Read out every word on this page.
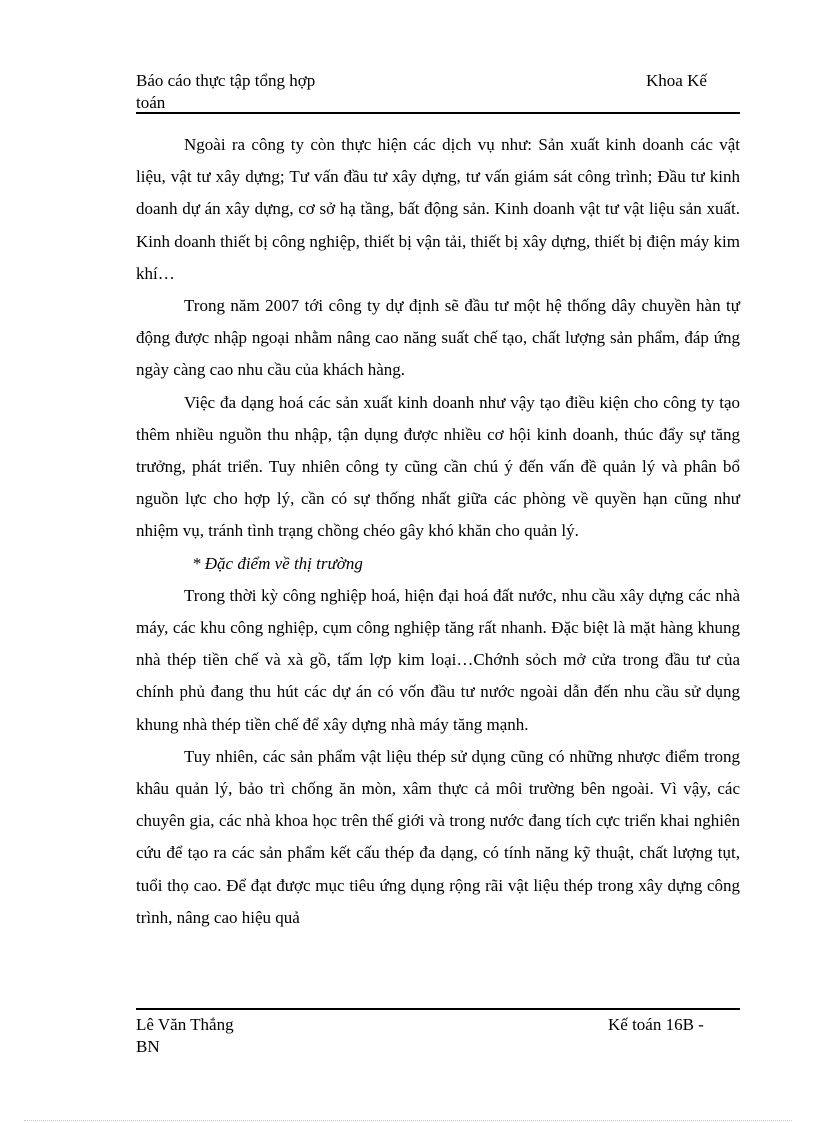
Báo cáo thực tập tổng hợp
toán
Khoa Kế

Ngoài ra công ty còn thực hiện các dịch vụ như: Sản xuất kinh doanh các vật liệu, vật tư xây dựng; Tư vấn đầu tư xây dựng, tư vấn giám sát công trình; Đầu tư kinh doanh dự án xây dựng, cơ sở hạ tầng, bất động sản. Kinh doanh vật tư vật liệu sản xuất. Kinh doanh thiết bị công nghiệp, thiết bị vận tải, thiết bị xây dựng, thiết bị điện máy kim khí…

Trong năm 2007 tới công ty dự định sẽ đầu tư một hệ thống dây chuyền hàn tự động được nhập ngoại nhằm nâng cao năng suất chế tạo, chất lượng sản phẩm, đáp ứng ngày càng cao nhu cầu của khách hàng.

Việc đa dạng hoá các sản xuất kinh doanh như vậy tạo điều kiện cho công ty tạo thêm nhiều nguồn thu nhập, tận dụng được nhiều cơ hội kinh doanh, thúc đẩy sự tăng trưởng, phát triển. Tuy nhiên công ty cũng cần chú ý đến vấn đề quản lý và phân bổ nguồn lực cho hợp lý, cần có sự thống nhất giữa các phòng về quyền hạn cũng như nhiệm vụ, tránh tình trạng chồng chéo gây khó khăn cho quản lý.

* Đặc điểm về thị trường

Trong thời kỳ công nghiệp hoá, hiện đại hoá đất nước, nhu cầu xây dựng các nhà máy, các khu công nghiệp, cụm công nghiệp tăng rất nhanh. Đặc biệt là mặt hàng khung nhà thép tiền chế và xà gồ, tấm lợp kim loại…Chớnh sỏch mở cửa trong đầu tư của chính phủ đang thu hút các dự án có vốn đầu tư nước ngoài dẫn đến nhu cầu sử dụng khung nhà thép tiền chế để xây dựng nhà máy tăng mạnh.

Tuy nhiên, các sản phẩm vật liệu thép sử dụng cũng có những nhược điểm trong khâu quản lý, bảo trì chống ăn mòn, xâm thực cả môi trường bên ngoài. Vì vậy, các chuyên gia, các nhà khoa học trên thế giới và trong nước đang tích cực triển khai nghiên cứu để tạo ra các sản phẩm kết cấu thép đa dạng, có tính năng kỹ thuật, chất lượng tụt, tuổi thọ cao. Để đạt được mục tiêu ứng dụng rộng rãi vật liệu thép trong xây dựng công trình, nâng cao hiệu quả

Lê Văn Thắng
BN
Kế toán 16B -
